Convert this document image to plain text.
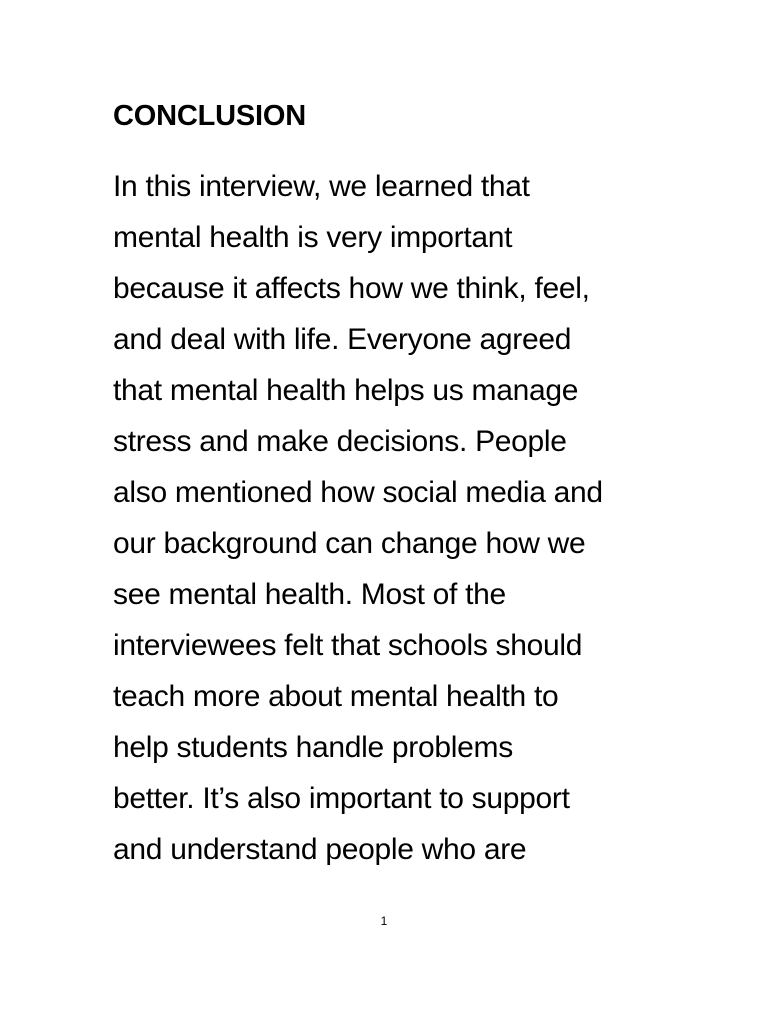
CONCLUSION
In this interview, we learned that
mental health is very important
because it affects how we think, feel,
and deal with life. Everyone agreed
that mental health helps us manage
stress and make decisions. People
also mentioned how social media and
our background can change how we
see mental health. Most of the
interviewees felt that schools should
teach more about mental health to
help students handle problems
better. It’s also important to support
and understand people who are
1
